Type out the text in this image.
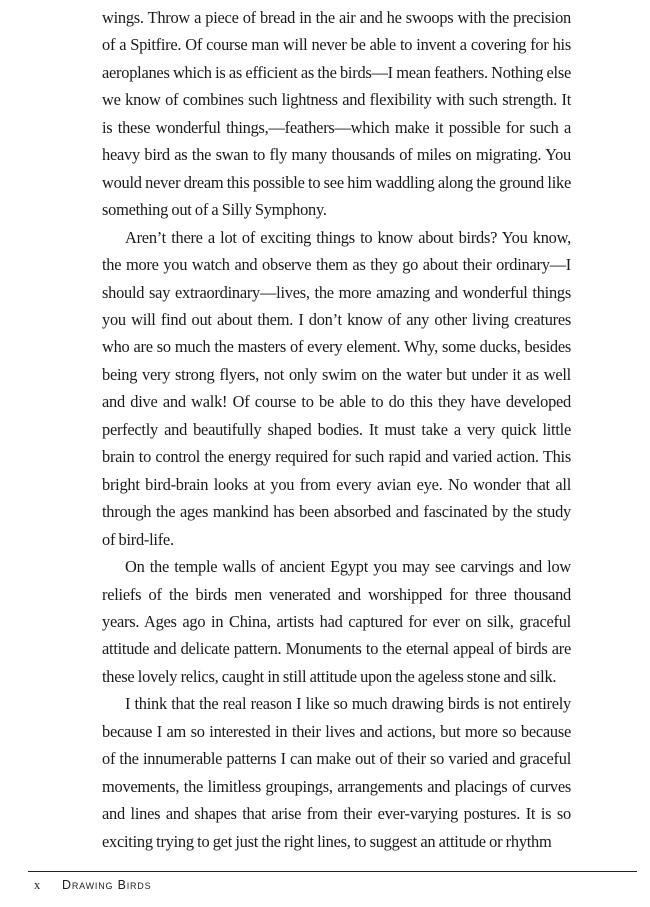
wings. Throw a piece of bread in the air and he swoops with the precision of a Spitfire. Of course man will never be able to invent a covering for his aeroplanes which is as efficient as the birds—I mean feathers. Nothing else we know of combines such lightness and flexibility with such strength. It is these wonderful things,—feathers—which make it possible for such a heavy bird as the swan to fly many thousands of miles on migrating. You would never dream this possible to see him waddling along the ground like something out of a Silly Symphony.

Aren’t there a lot of exciting things to know about birds? You know, the more you watch and observe them as they go about their ordinary—I should say extraordinary—lives, the more amazing and wonderful things you will find out about them. I don’t know of any other living creatures who are so much the masters of every element. Why, some ducks, besides being very strong flyers, not only swim on the water but under it as well and dive and walk! Of course to be able to do this they have developed perfectly and beautifully shaped bodies. It must take a very quick little brain to control the energy required for such rapid and varied action. This bright bird-brain looks at you from every avian eye. No wonder that all through the ages mankind has been absorbed and fascinated by the study of bird-life.

On the temple walls of ancient Egypt you may see carvings and low reliefs of the birds men venerated and worshipped for three thousand years. Ages ago in China, artists had captured for ever on silk, graceful attitude and delicate pattern. Monuments to the eternal appeal of birds are these lovely relics, caught in still attitude upon the ageless stone and silk.

I think that the real reason I like so much drawing birds is not entirely because I am so interested in their lives and actions, but more so because of the innumerable patterns I can make out of their so varied and graceful movements, the limitless groupings, arrangements and placings of curves and lines and shapes that arise from their ever-varying postures. It is so exciting trying to get just the right lines, to suggest an attitude or rhythm

x	Drawing Birds
